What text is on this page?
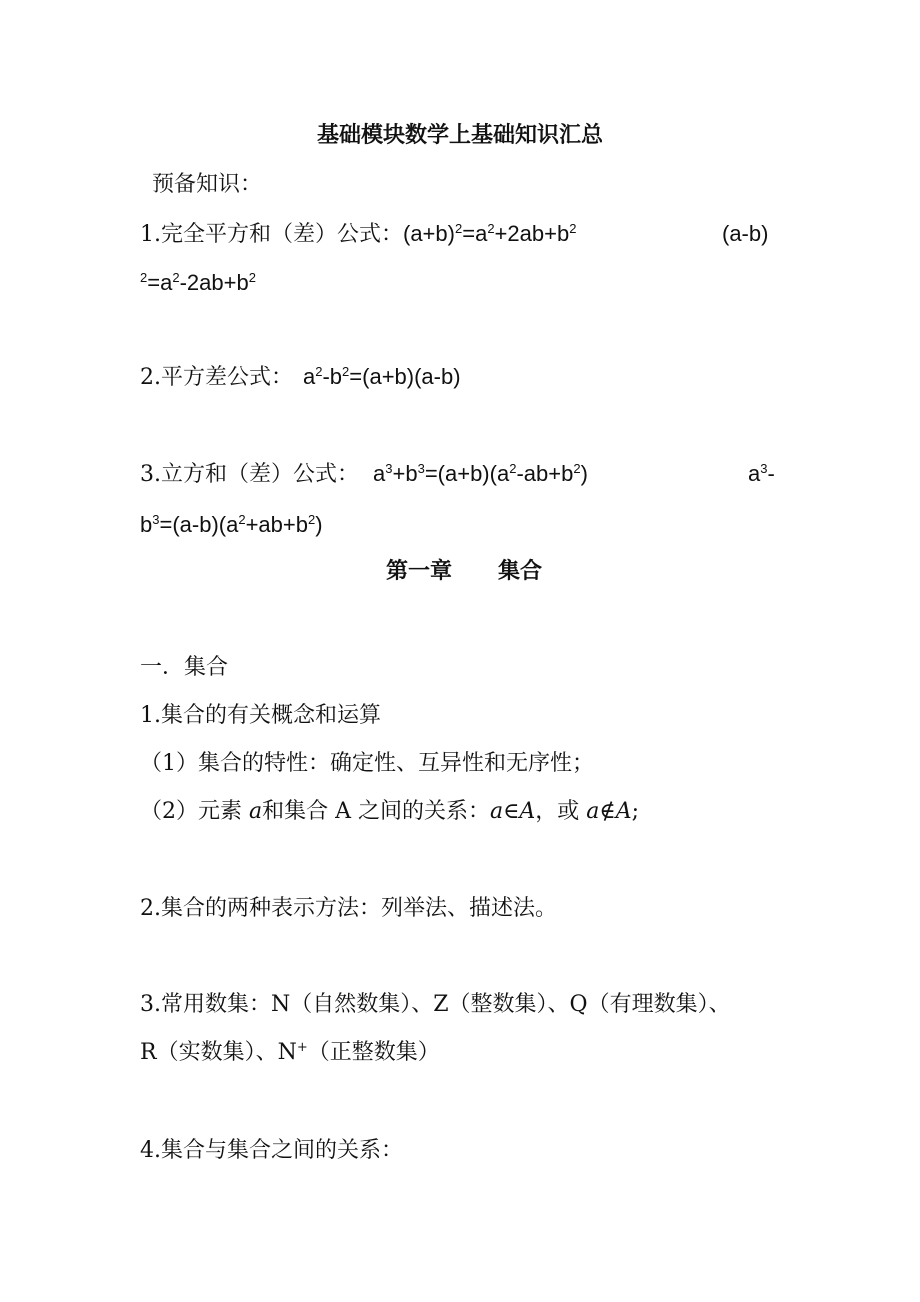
基础模块数学上基础知识汇总
预备知识：
1.完全平方和（差）公式：$(a+b)^2=a^2+2ab+b^2$	(a-b)
$^2=a^2-2ab+b^2$
2.平方差公式： $a^2-b^2=(a+b)(a-b)$
3.立方和（差）公式： $a^3+b^3=(a+b)(a^2-ab+b^2)$	$a^3-$
$b^3=(a-b)(a^2+ab+b^2)$
第一章 集合
一．集合
1.集合的有关概念和运算
（1）集合的特性：确定性、互异性和无序性；
（2）元素 a和集合 A 之间的关系：a∈A，或 a∉A;
2.集合的两种表示方法：列举法、描述法。
3.常用数集：N（自然数集）、Z（整数集）、Q（有理数集）、
R（实数集）、N+（正整数集）
4.集合与集合之间的关系：
